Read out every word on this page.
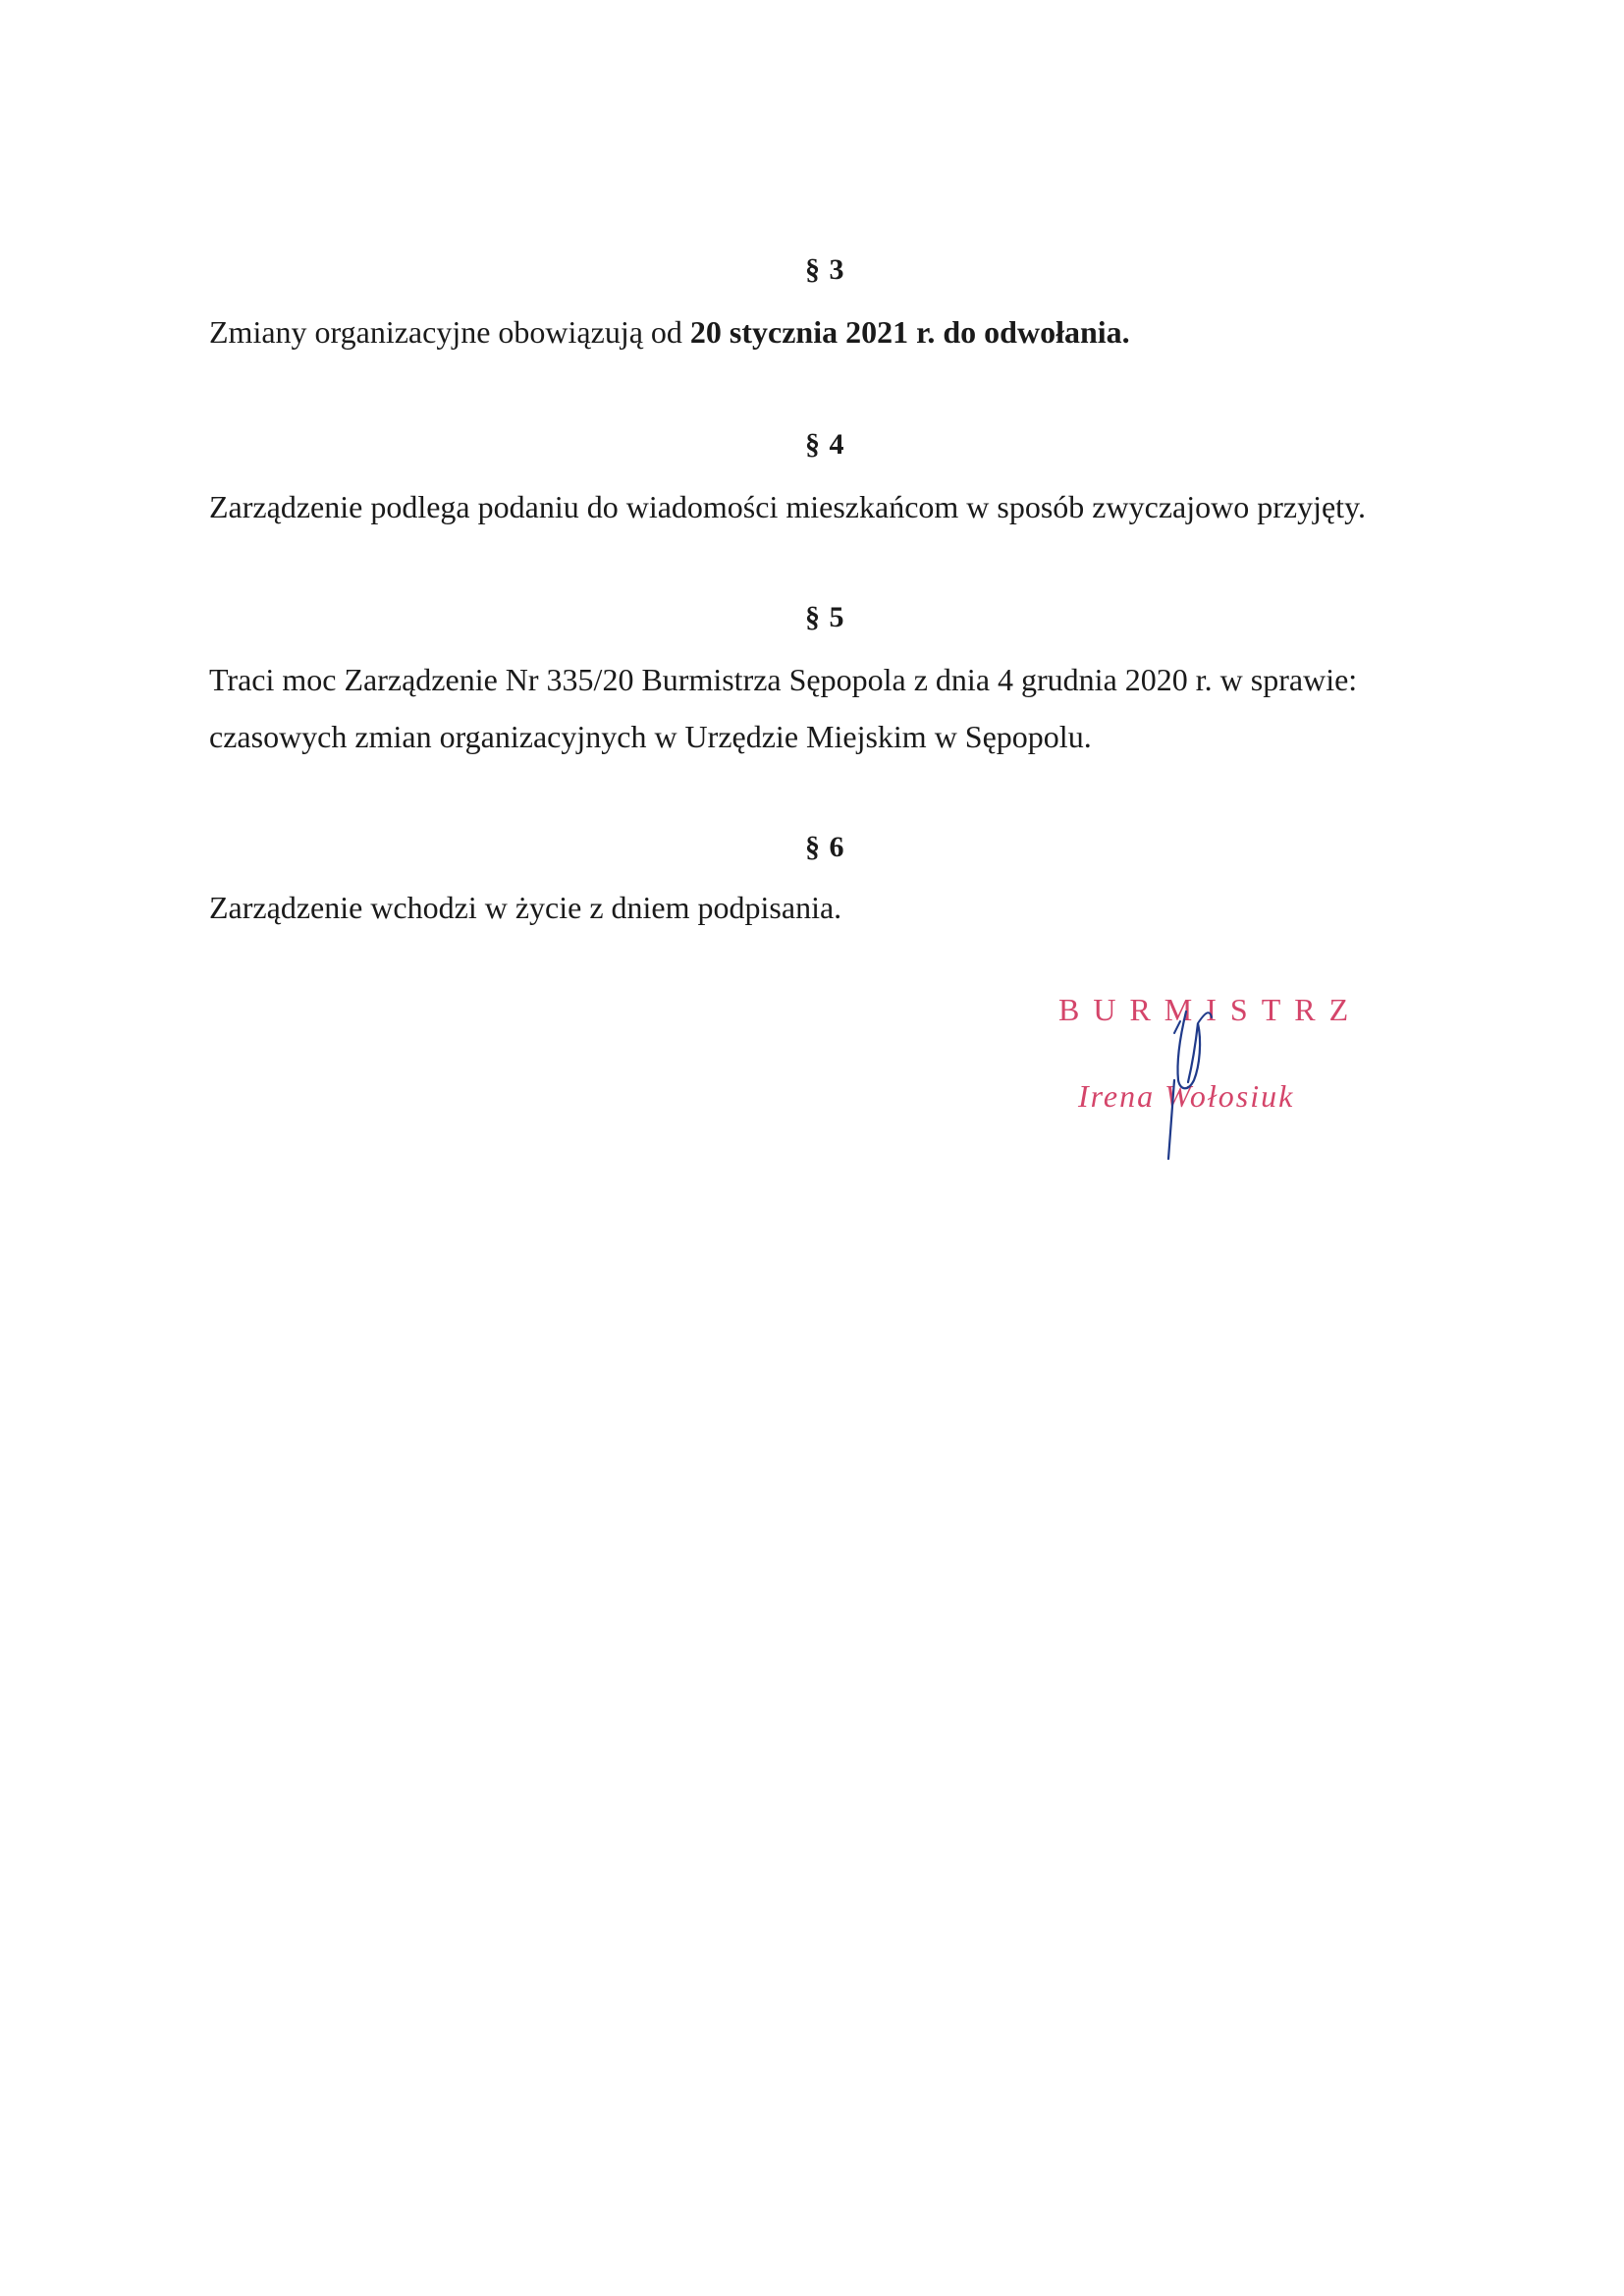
§ 3
Zmiany organizacyjne obowiązują od 20 stycznia 2021 r. do odwołania.
§ 4
Zarządzenie podlega podaniu do wiadomości mieszkańcom w sposób zwyczajowo przyjęty.
§ 5
Traci moc Zarządzenie Nr 335/20 Burmistrza Sępopola z dnia 4 grudnia 2020 r. w sprawie:
czasowych zmian organizacyjnych w Urzędzie Miejskim w Sępopolu.
§ 6
Zarządzenie wchodzi w życie z dniem podpisania.
BURMISTRZ
Irena Wołosiuk
